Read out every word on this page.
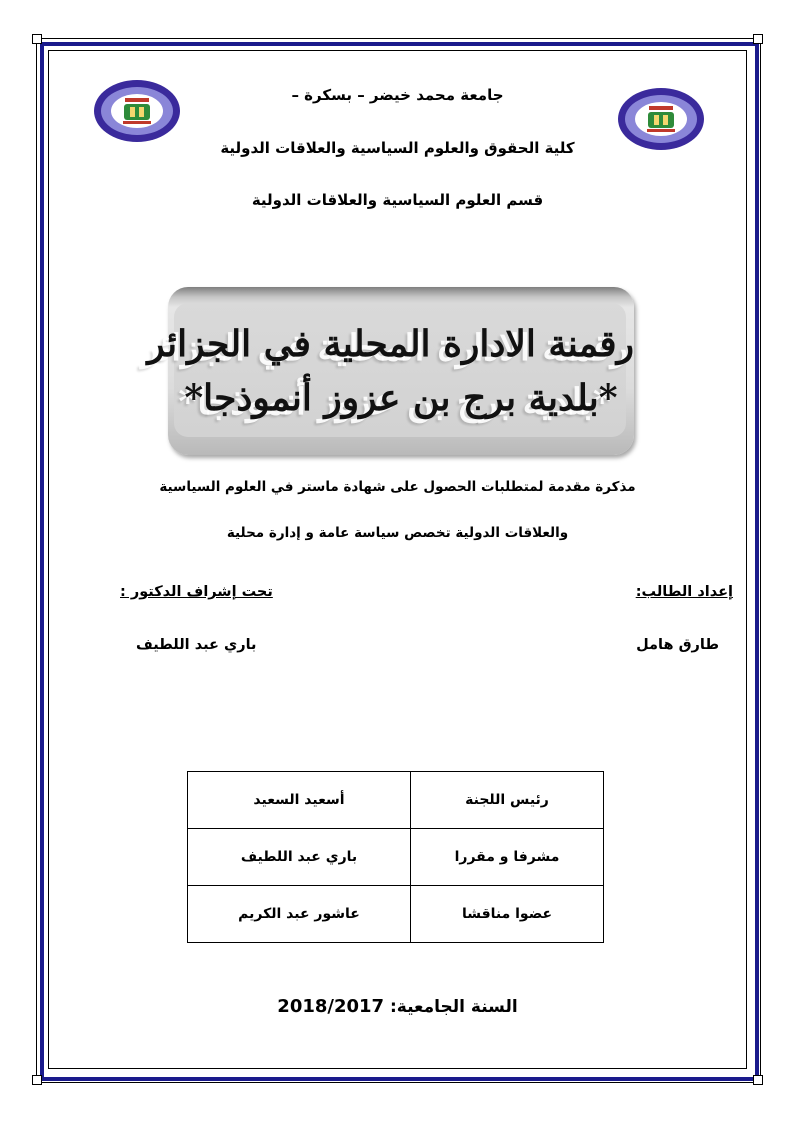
جامعة محمد خيضر – بسكرة –
كلية الحقوق والعلوم السياسية والعلاقات الدولية
قسم العلوم السياسية والعلاقات الدولية
رقمنة الادارة المحلية في الجزائر
*بلدية برج بن عزوز أنموذجا*
مذكرة مقدمة لمتطلبات الحصول على شهادة ماستر في العلوم السياسية
والعلاقات الدولية تخصص سياسة عامة و إدارة محلية
إعداد الطالب:
تحت إشراف الدكتور :
طارق هامل
باري عبد اللطيف
رئيس اللجنة	أسعيد السعيد
مشرفا و مقررا	باري عبد اللطيف
عضوا مناقشا	عاشور عبد الكريم
السنة الجامعية: 2018/2017
